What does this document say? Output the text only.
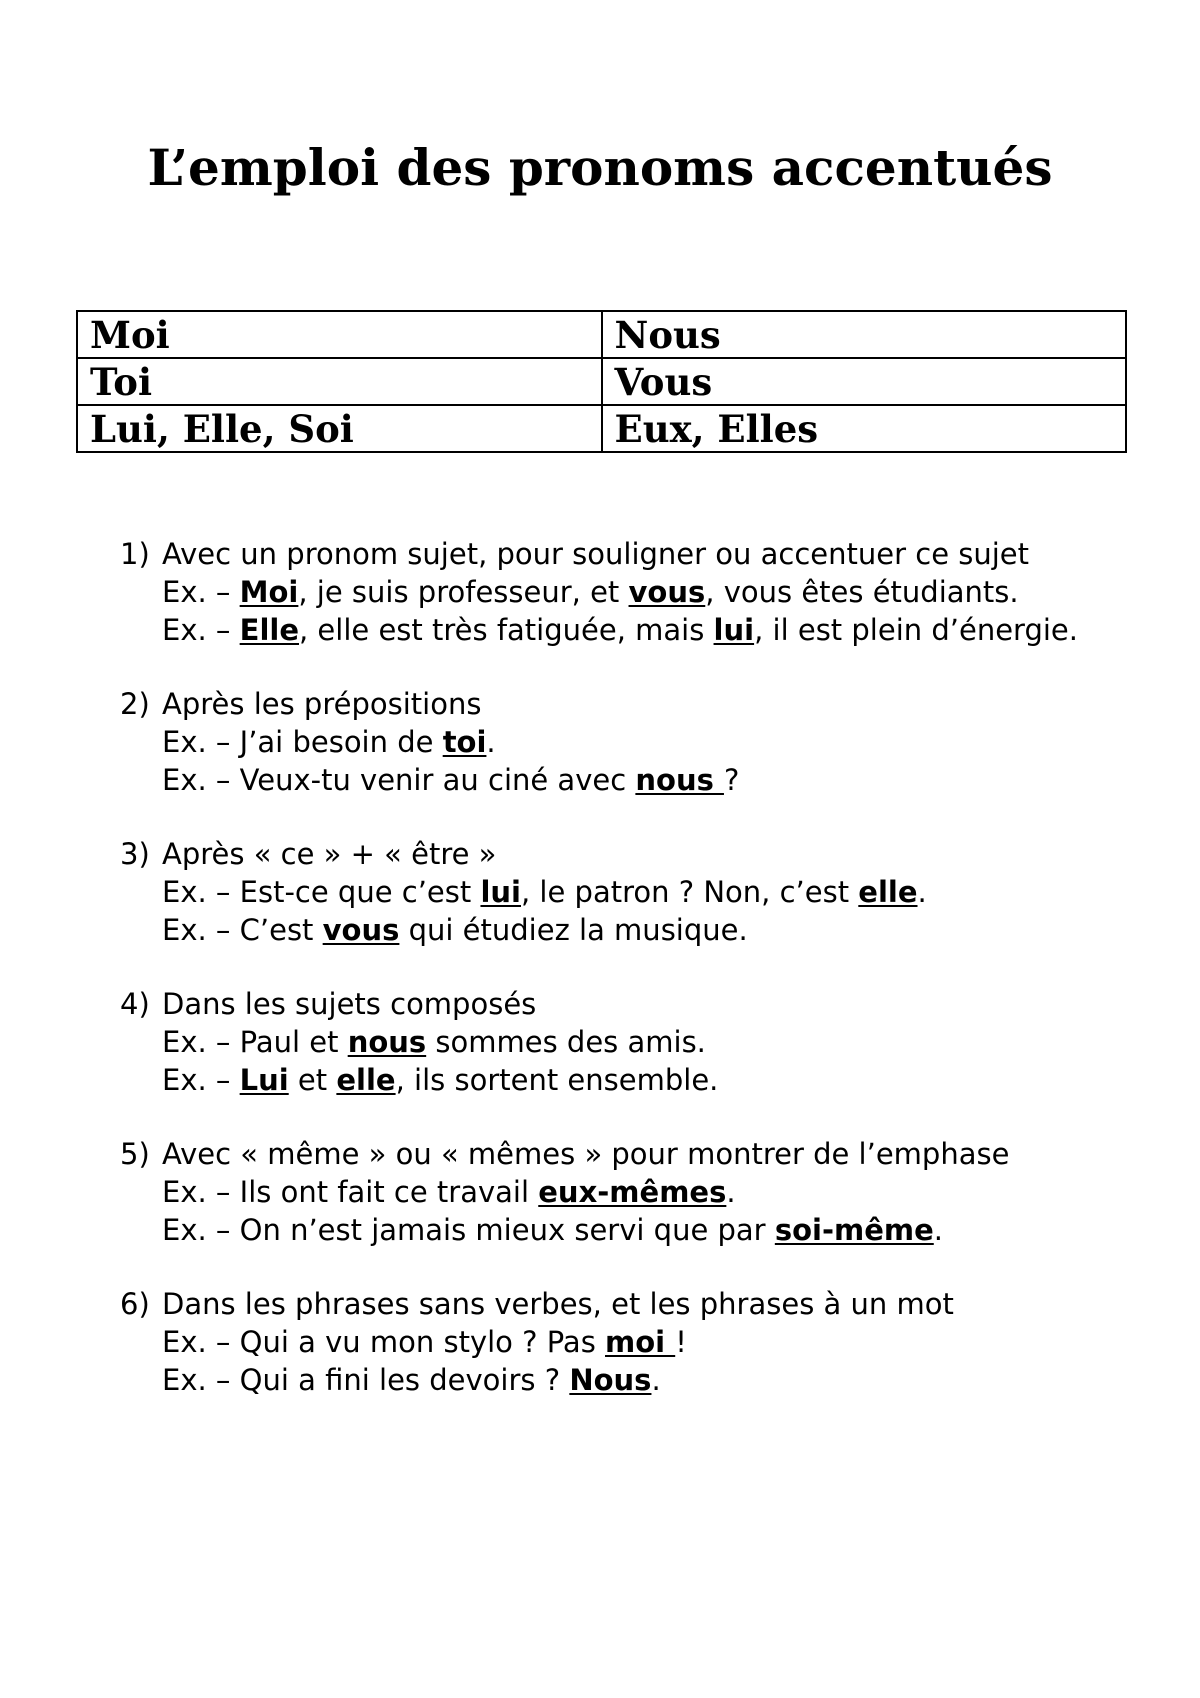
L’emploi des pronoms accentués
Moi	Nous
Toi	Vous
Lui, Elle, Soi	Eux, Elles
1) Avec un pronom sujet, pour souligner ou accentuer ce sujet
Ex. – Moi, je suis professeur, et vous, vous êtes étudiants.
Ex. – Elle, elle est très fatiguée, mais lui, il est plein d’énergie.
2) Après les prépositions
Ex. – J’ai besoin de toi.
Ex. – Veux-tu venir au ciné avec nous ?
3) Après « ce » + « être »
Ex. – Est-ce que c’est lui, le patron ? Non, c’est elle.
Ex. – C’est vous qui étudiez la musique.
4) Dans les sujets composés
Ex. – Paul et nous sommes des amis.
Ex. – Lui et elle, ils sortent ensemble.
5) Avec « même » ou « mêmes » pour montrer de l’emphase
Ex. – Ils ont fait ce travail eux-mêmes.
Ex. – On n’est jamais mieux servi que par soi-même.
6) Dans les phrases sans verbes, et les phrases à un mot
Ex. – Qui a vu mon stylo ? Pas moi !
Ex. – Qui a fini les devoirs ? Nous.
